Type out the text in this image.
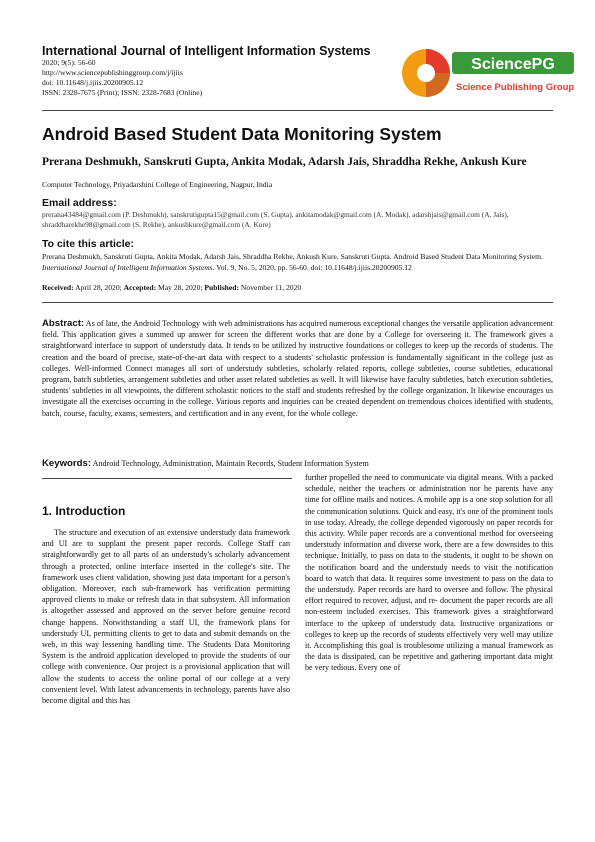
International Journal of Intelligent Information Systems
2020; 9(5): 56-60
http://www.sciencepublishinggroup.com/j/ijiis
doi: 10.11648/j.ijiis.20200905.12
ISSN: 2328-7675 (Print); ISSN: 2328-7683 (Online)
SciencePG
Science Publishing Group
Android Based Student Data Monitoring System
Prerana Deshmukh, Sanskruti Gupta, Ankita Modak, Adarsh Jais, Shraddha Rekhe, Ankush Kure
Computer Technology, Priyadarshini College of Engineering, Nagpur, India
Email address:
prerana43484@gmail.com (P. Deshmukh), sanskrutigupta15@gmail.com (S. Gupta), ankitamodak@gmail.com (A. Modak), adarshjais@gmail.com (A. Jais),
shraddharekhe98@gmail.com (S. Rekhe), ankushkure@gmail.com (A. Kure)
To cite this article:
Prerana Deshmukh, Sanskruti Gupta, Ankita Modak, Adarsh Jais, Shraddha Rekhe, Ankush Kure, Sanskruti Gupta. Android Based Student Data Monitoring System. International Journal of Intelligent Information Systems. Vol. 9, No. 5, 2020, pp. 56-60. doi: 10.11648/j.ijiis.20200905.12
Received: April 28, 2020; Accepted: May 28, 2020; Published: November 11, 2020
Abstract: As of late, the Android Technology with web administrations has acquired numerous exceptional changes the versatile application advancement field. This application gives a summed up answer for screen the different works that are done by a College for overseeing it. The framework gives a straightforward interface to support of understudy data. It tends to be utilized by instructive foundations or colleges to keep up the records of students. The creation and the board of precise, state-of-the-art data with respect to a students' scholastic profession is fundamentally significant in the college just as colleges. Well-informed Connect manages all sort of understudy subtleties, scholarly related reports, college subtleties, course subtleties, educational program, batch subtleties, arrangement subtleties and other asset related subtleties as well. It will likewise have faculty subtleties, batch execution subtleties, students' subtleties in all viewpoints, the different scholastic notices to the staff and students refreshed by the college organization. It likewise encourages us investigate all the exercises occurring in the college. Various reports and inquiries can be created dependent on tremendous choices identified with students, batch, course, faculty, exams, semesters, and certification and in any event, for the whole college.
Keywords: Android Technology, Administration, Maintain Records, Student Information System
1. Introduction
The structure and execution of an extensive understudy data framework and UI are to supplant the present paper records. College Staff can straightforwardly get to all parts of an understudy's scholarly advancement through a protected, online interface inserted in the college's site. The framework uses client validation, showing just data important for a person's obligation. Moreover, each sub-framework has verification permitting approved clients to make or refresh data in that subsystem. All information is altogether assessed and approved on the server before genuine record change happens. Notwithstanding a staff UI, the framework plans for understudy UI, permitting clients to get to data and submit demands on the web, in this way lessening handling time. The Students Data Monitoring System is the android application developed to provide the students of our college with convenience. Our project is a provisional application that will allow the students to access the online portal of our college at a very convenient level. With latest advancements in technology, parents have also become digital and this has
further propelled the need to communicate via digital means. With a packed schedule, neither the teachers or administration nor he parents have any time for offline mails and notices. A mobile app is a one stop solution for all the communication solutions. Quick and easy, it's one of the prominent tools in use today. Already, the college depended vigorously on paper records for this activity. While paper records are a conventional method for overseeing understudy information and diverse work, there are a few downsides to this technique. Initially, to pass on data to the students, it ought to be shown on the notification board and the understudy needs to visit the notification board to watch that data. It requires some investment to pass on the data to the understudy. Paper records are hard to oversee and follow. The physical effort required to recover, adjust, and re- document the paper records are all non-esteem included exercises. This framework gives a straightforward interface to the upkeep of understudy data. Instructive organizations or colleges to keep up the records of students effectively very well may utilize it. Accomplishing this goal is troublesome utilizing a manual framework as the data is dissipated, can be repetitive and gathering important data might be very tedious. Every one of
